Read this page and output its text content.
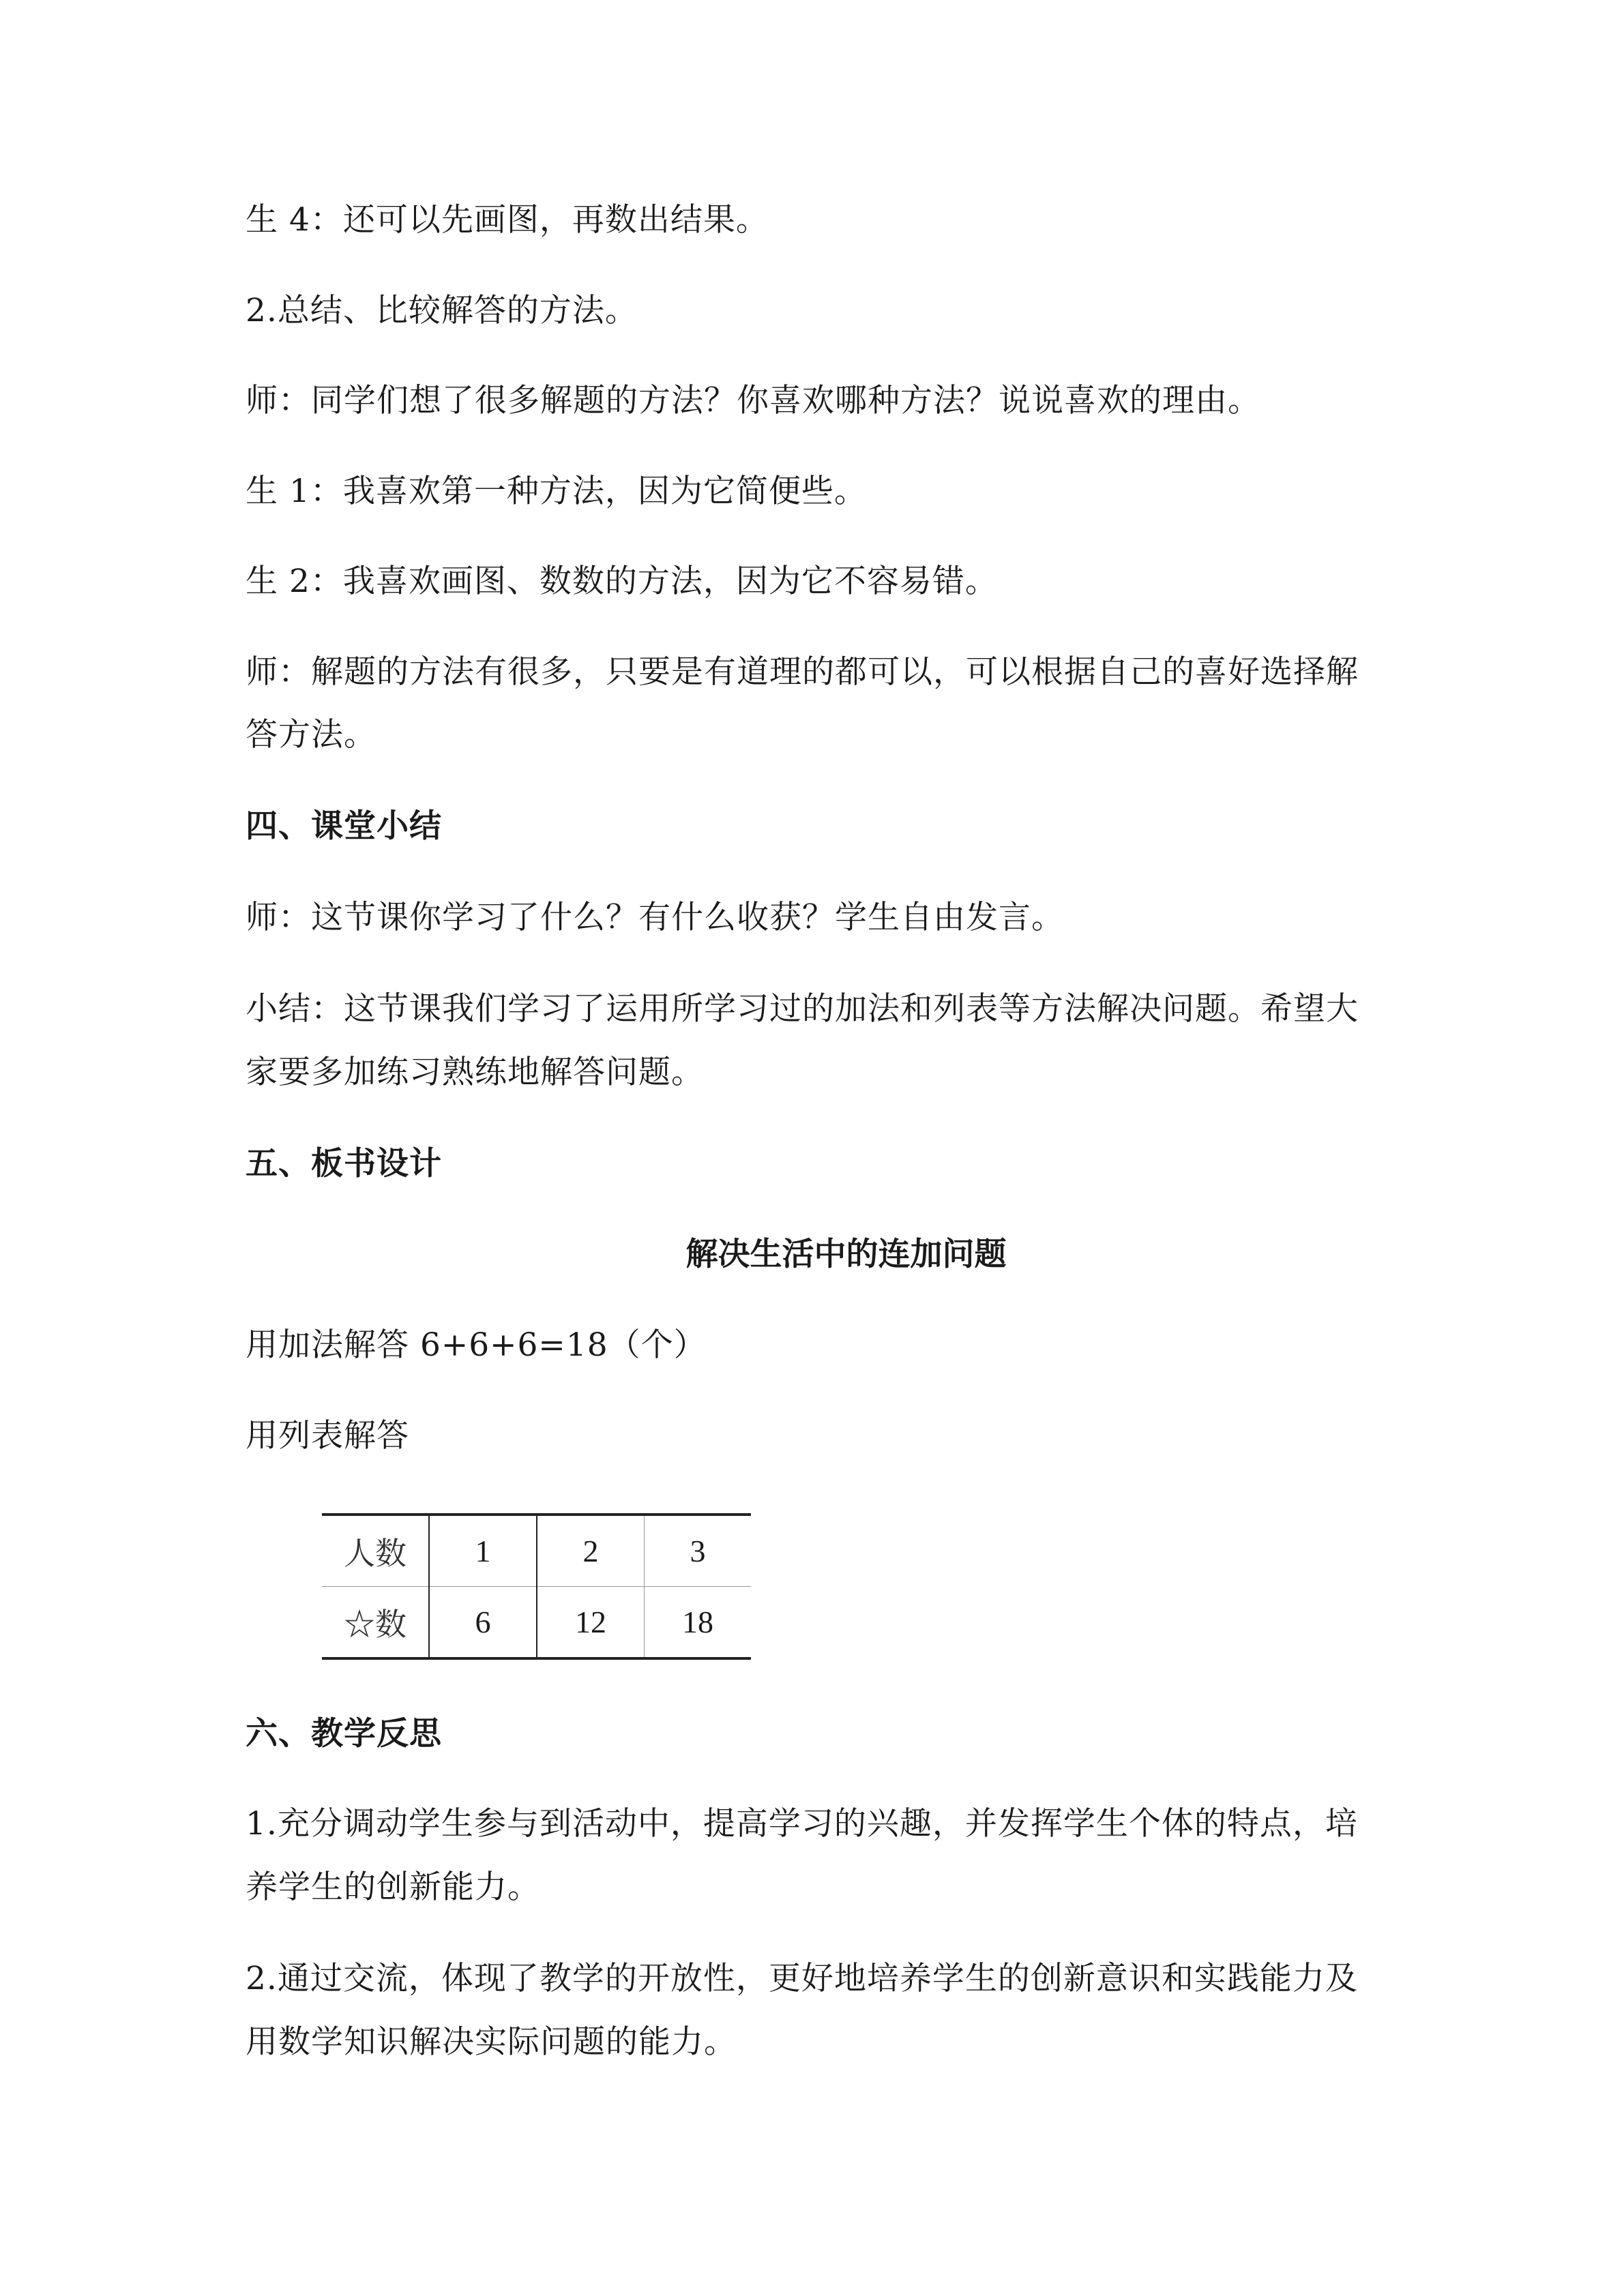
生 4：还可以先画图，再数出结果。
2.总结、比较解答的方法。
师：同学们想了很多解题的方法？你喜欢哪种方法？说说喜欢的理由。
生 1：我喜欢第一种方法，因为它简便些。
生 2：我喜欢画图、数数的方法，因为它不容易错。
师：解题的方法有很多，只要是有道理的都可以，可以根据自己的喜好选择解
答方法。
四、课堂小结
师：这节课你学习了什么？有什么收获？学生自由发言。
小结：这节课我们学习了运用所学习过的加法和列表等方法解决问题。希望大
家要多加练习熟练地解答问题。
五、板书设计
解决生活中的连加问题
用加法解答 6+6+6=18（个）
用列表解答
人数	1	2	3
☆数	6	12	18
六、教学反思
1.充分调动学生参与到活动中，提高学习的兴趣，并发挥学生个体的特点，培
养学生的创新能力。
2.通过交流，体现了教学的开放性，更好地培养学生的创新意识和实践能力及
用数学知识解决实际问题的能力。
